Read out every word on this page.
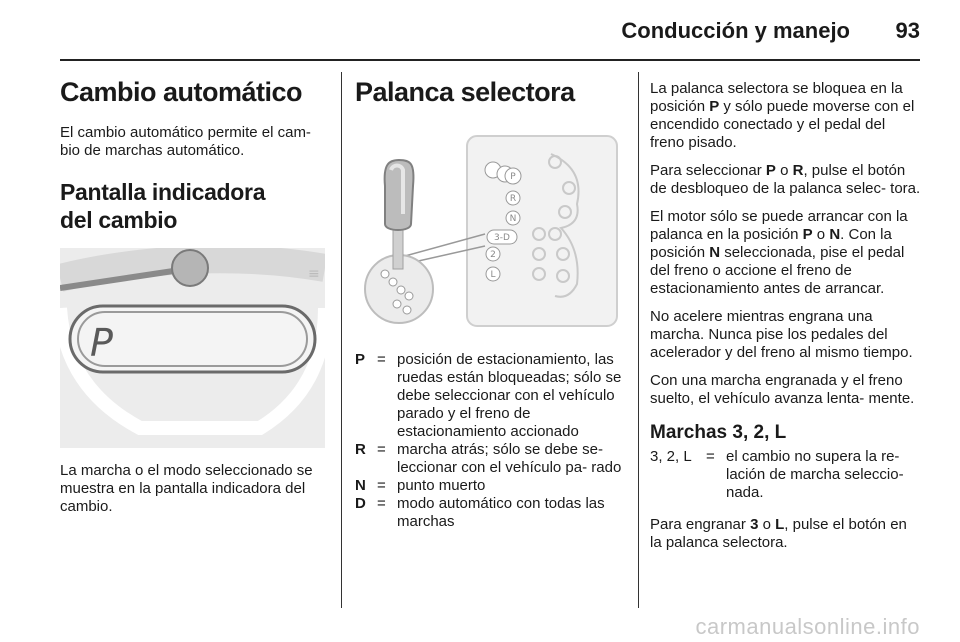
Conducción y manejo	93
Cambio automático

El cambio automático permite el cam- bio de marchas automático.

Pantalla indicadora del cambio
P
≡

La marcha o el modo seleccionado se muestra en la pantalla indicadora del cambio.

Palanca selectora
P
R
N
3-D
2
L
P = posición de estacionamiento, las ruedas están bloqueadas; sólo se debe seleccionar con el vehículo parado y el freno de estacionamiento accionado
R = marcha atrás; sólo se debe se- leccionar con el vehículo pa- rado
N = punto muerto
D = modo automático con todas las marchas

La palanca selectora se bloquea en la posición P y sólo puede moverse con el encendido conectado y el pedal del freno pisado.

Para seleccionar P o R, pulse el botón de desbloqueo de la palanca selec- tora.

El motor sólo se puede arrancar con la palanca en la posición P o N. Con la posición N seleccionada, pise el pedal del freno o accione el freno de estacionamiento antes de arrancar.

No acelere mientras engrana una marcha. Nunca pise los pedales del acelerador y del freno al mismo tiempo.

Con una marcha engranada y el freno suelto, el vehículo avanza lenta- mente.

Marchas 3, 2, L
3, 2, L = el cambio no supera la re- lación de marcha seleccio- nada.

Para engranar 3 o L, pulse el botón en la palanca selectora.

carmanualsonline.info
